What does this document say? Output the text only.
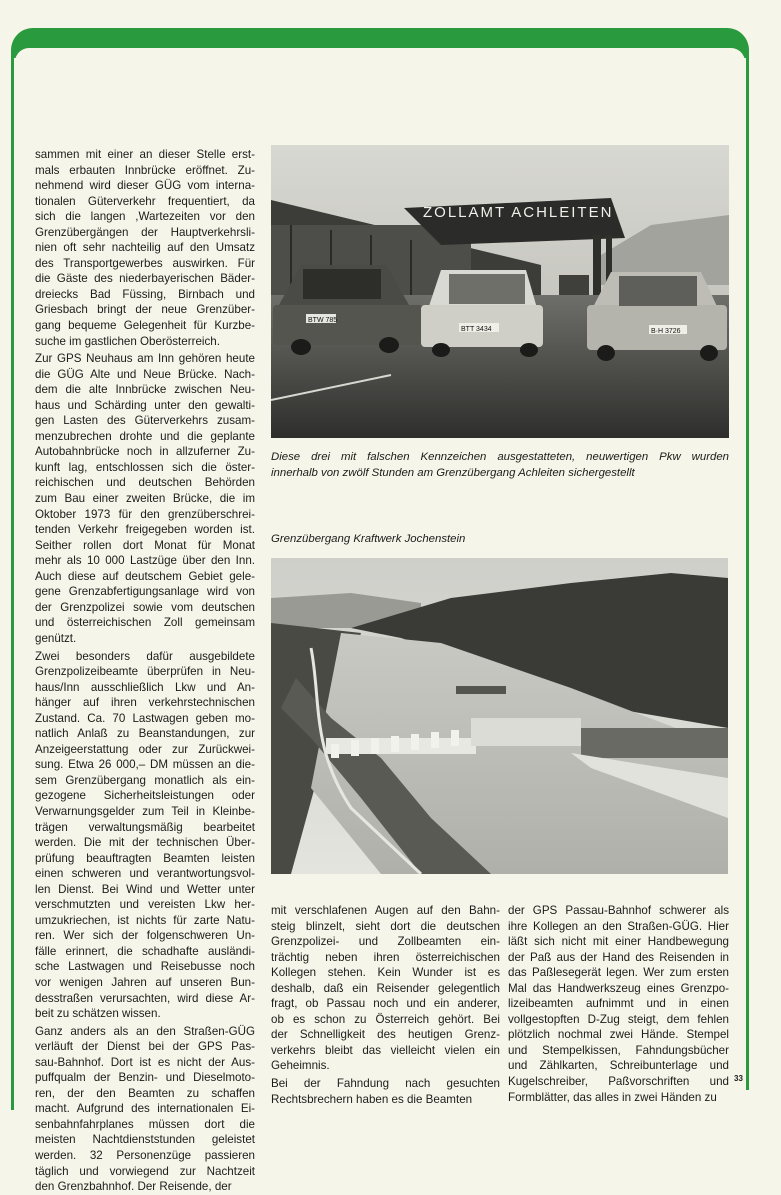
sammen mit einer an dieser Stelle erst-
mals erbauten Innbrücke eröffnet. Zu-
nehmend wird dieser GÜG vom interna-
tionalen Güterverkehr frequentiert, da
sich die langen ,Wartezeiten vor den
Grenzübergängen der Hauptverkehrsli-
nien oft sehr nachteilig auf den Umsatz
des Transportgewerbes auswirken. Für
die Gäste des niederbayerischen Bäder-
dreiecks Bad Füssing, Birnbach und
Griesbach bringt der neue Grenzüber-
gang bequeme Gelegenheit für Kurzbe-
suche im gastlichen Oberösterreich.
Zur GPS Neuhaus am Inn gehören heute
die GÜG Alte und Neue Brücke. Nach-
dem die alte Innbrücke zwischen Neu-
haus und Schärding unter den gewalti-
gen Lasten des Güterverkehrs zusam-
menzubrechen drohte und die geplante
Autobahnbrücke noch in allzuferner Zu-
kunft lag, entschlossen sich die öster-
reichischen und deutschen Behörden
zum Bau einer zweiten Brücke, die im
Oktober 1973 für den grenzüberschrei-
tenden Verkehr freigegeben worden ist.
Seither rollen dort Monat für Monat
mehr als 10 000 Lastzüge über den Inn.
Auch diese auf deutschem Gebiet gele-
gene Grenzabfertigungsanlage wird von
der Grenzpolizei sowie vom deutschen
und österreichischen Zoll gemeinsam
genützt.
Zwei besonders dafür ausgebildete
Grenzpolizeibeamte überprüfen in Neu-
haus/Inn ausschließlich Lkw und An-
hänger auf ihren verkehrstechnischen
Zustand. Ca. 70 Lastwagen geben mo-
natlich Anlaß zu Beanstandungen, zur
Anzeigeerstattung oder zur Zurückwei-
sung. Etwa 26 000,– DM müssen an die-
sem Grenzübergang monatlich als ein-
gezogene Sicherheitsleistungen oder
Verwarnungsgelder zum Teil in Kleinbe-
trägen verwaltungsmäßig bearbeitet
werden. Die mit der technischen Über-
prüfung beauftragten Beamten leisten
einen schweren und verantwortungsvol-
len Dienst. Bei Wind und Wetter unter
verschmutzten und vereisten Lkw her-
umzukriechen, ist nichts für zarte Natu-
ren. Wer sich der folgenschweren Un-
fälle erinnert, die schadhafte ausländi-
sche Lastwagen und Reisebusse noch
vor wenigen Jahren auf unseren Bun-
desstraßen verursachten, wird diese Ar-
beit zu schätzen wissen.
Ganz anders als an den Straßen-GÜG
verläuft der Dienst bei der GPS Pas-
sau-Bahnhof. Dort ist es nicht der Aus-
puffqualm der Benzin- und Dieselmoto-
ren, der den Beamten zu schaffen
macht. Aufgrund des internationalen Ei-
senbahnfahrplanes müssen dort die
meisten Nachtdienststunden geleistet
werden. 32 Personenzüge passieren
täglich und vorwiegend zur Nachtzeit
den Grenzbahnhof. Der Reisende, der
ZOLLAMT ACHLEITEN
BTW 785
BTT 3434	B·H 3726
Diese drei mit falschen Kennzeichen ausgestatteten, neuwertigen Pkw wurden
innerhalb von zwölf Stunden am Grenzübergang Achleiten sichergestellt
Grenzübergang Kraftwerk Jochenstein
mit verschlafenen Augen auf den Bahn-
steig blinzelt, sieht dort die deutschen
Grenzpolizei- und Zollbeamten ein-
trächtig neben ihren österreichischen
Kollegen stehen. Kein Wunder ist es
deshalb, daß ein Reisender gelegentlich
fragt, ob Passau noch und ein anderer,
ob es schon zu Österreich gehört. Bei
der Schnelligkeit des heutigen Grenz-
verkehrs bleibt das vielleicht vielen ein
Geheimnis.
Bei der Fahndung nach gesuchten
Rechtsbrechern haben es die Beamten
der GPS Passau-Bahnhof schwerer als
ihre Kollegen an den Straßen-GÜG. Hier
läßt sich nicht mit einer Handbewegung
der Paß aus der Hand des Reisenden in
das Paßlesegerät legen. Wer zum ersten
Mal das Handwerkszeug eines Grenzpo-
lizeibeamten aufnimmt und in einen
vollgestopften D-Zug steigt, dem fehlen
plötzlich nochmal zwei Hände. Stempel
und Stempelkissen, Fahndungsbücher
und Zählkarten, Schreibunterlage und
Kugelschreiber, Paßvorschriften und
Formblätter, das alles in zwei Händen zu
33
